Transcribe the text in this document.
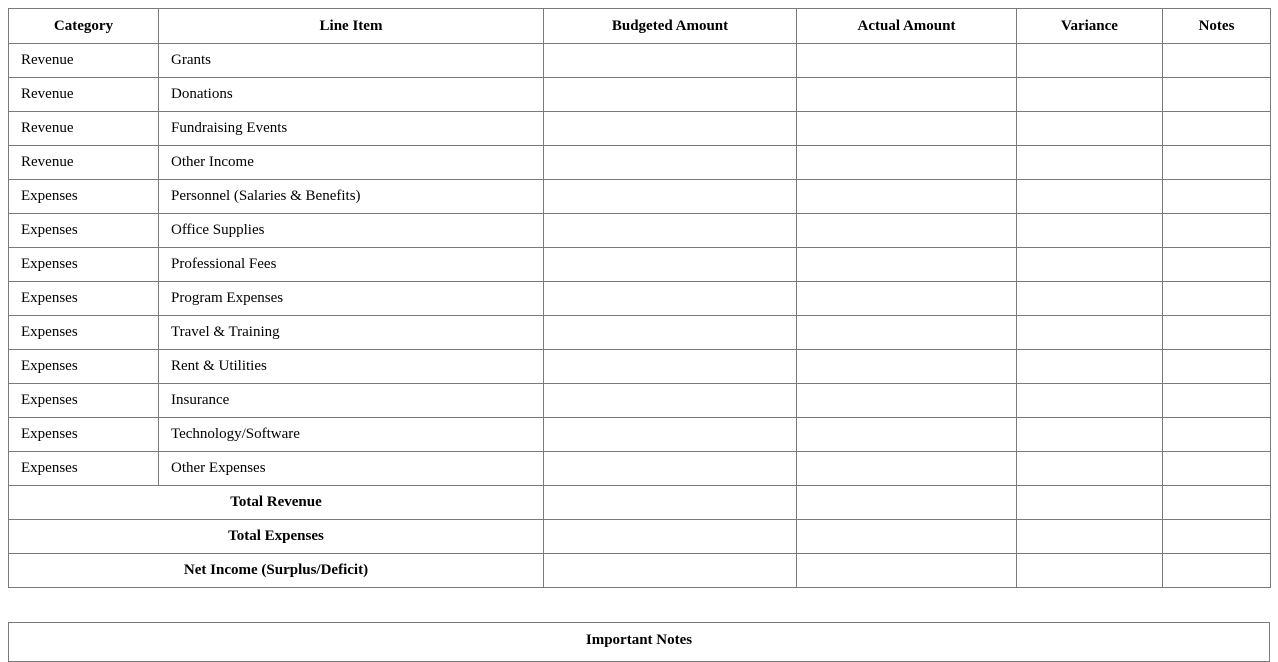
Category	Line Item	Budgeted Amount	Actual Amount	Variance	Notes
Revenue	Grants				
Revenue	Donations				
Revenue	Fundraising Events				
Revenue	Other Income				
Expenses	Personnel (Salaries & Benefits)				
Expenses	Office Supplies				
Expenses	Professional Fees				
Expenses	Program Expenses				
Expenses	Travel & Training				
Expenses	Rent & Utilities				
Expenses	Insurance				
Expenses	Technology/Software				
Expenses	Other Expenses				
Total Revenue					
Total Expenses					
Net Income (Surplus/Deficit)					
Important Notes
